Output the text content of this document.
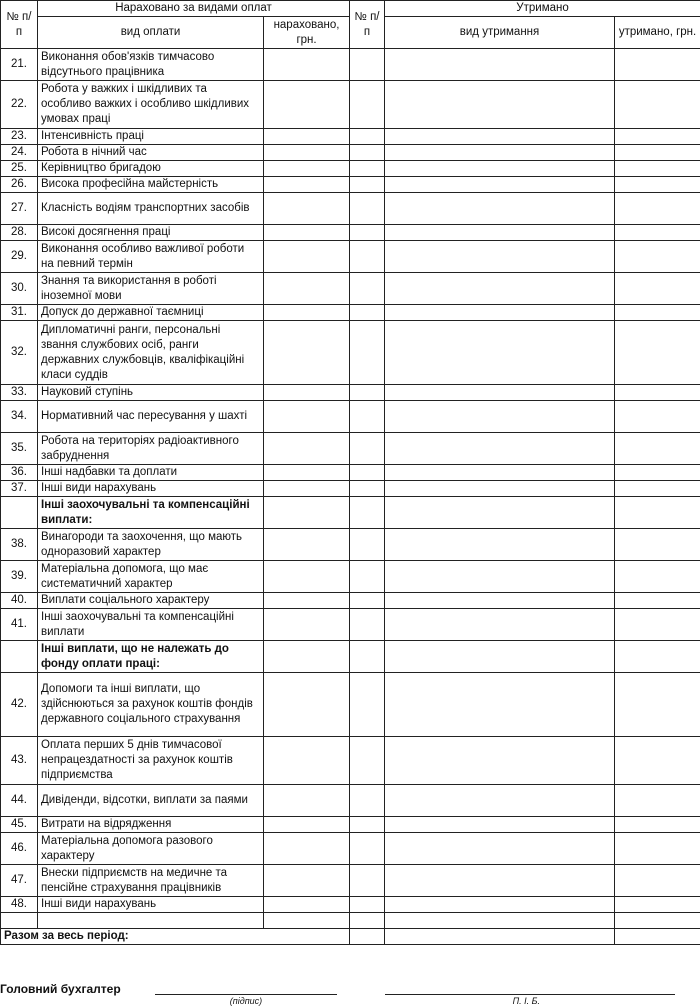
№ п/п	Нараховано за видами оплат		№ п/п	Утримано	
	вид оплати	нараховано, грн.		вид утримання	утримано, грн.
21.	Виконання обов'язків тимчасово відсутнього працівника				
22.	Робота у важких і шкідливих та особливо важких і особливо шкідливих умовах праці				
23.	Інтенсивність праці				
24.	Робота в нічний час				
25.	Керівництво бригадою				
26.	Висока професійна майстерність				
27.	Класність водіям транспортних засобів				
28.	Високі досягнення праці				
29.	Виконання особливо важливої роботи на певний термін				
30.	Знання та використання в роботі іноземної мови				
31.	Допуск до державної таємниці				
32.	Дипломатичні ранги, персональні звання службових осіб, ранги державних службовців, кваліфікаційні класи суддів				
33.	Науковий ступінь				
34.	Нормативний час пересування у шахті				
35.	Робота на територіях радіоактивного забруднення				
36.	Інші надбавки та доплати				
37.	Інші види нарахувань				
	Інші заохочувальні та компенсаційні виплати:				
38.	Винагороди та заохочення, що мають одноразовий характер				
39.	Матеріальна допомога, що має систематичний характер				
40.	Виплати соціального характеру				
41.	Інші заохочувальні та компенсаційні виплати				
	Інші виплати, що не належать до фонду оплати праці:				
42.	Допомоги та інші виплати, що здійснюються за рахунок коштів фондів державного соціального страхування				
43.	Оплата перших 5 днів тимчасової непрацездатності за рахунок коштів підприємства				
44.	Дивіденди, відсотки, виплати за паями				
45.	Витрати на відрядження				
46.	Матеріальна допомога разового характеру				
47.	Внески підприємств на медичне та пенсійне страхування працівників				
48.	Інші види нарахувань				

Разом за весь період:					
Головний бухгалтер
(підпис)	П. І. Б.
